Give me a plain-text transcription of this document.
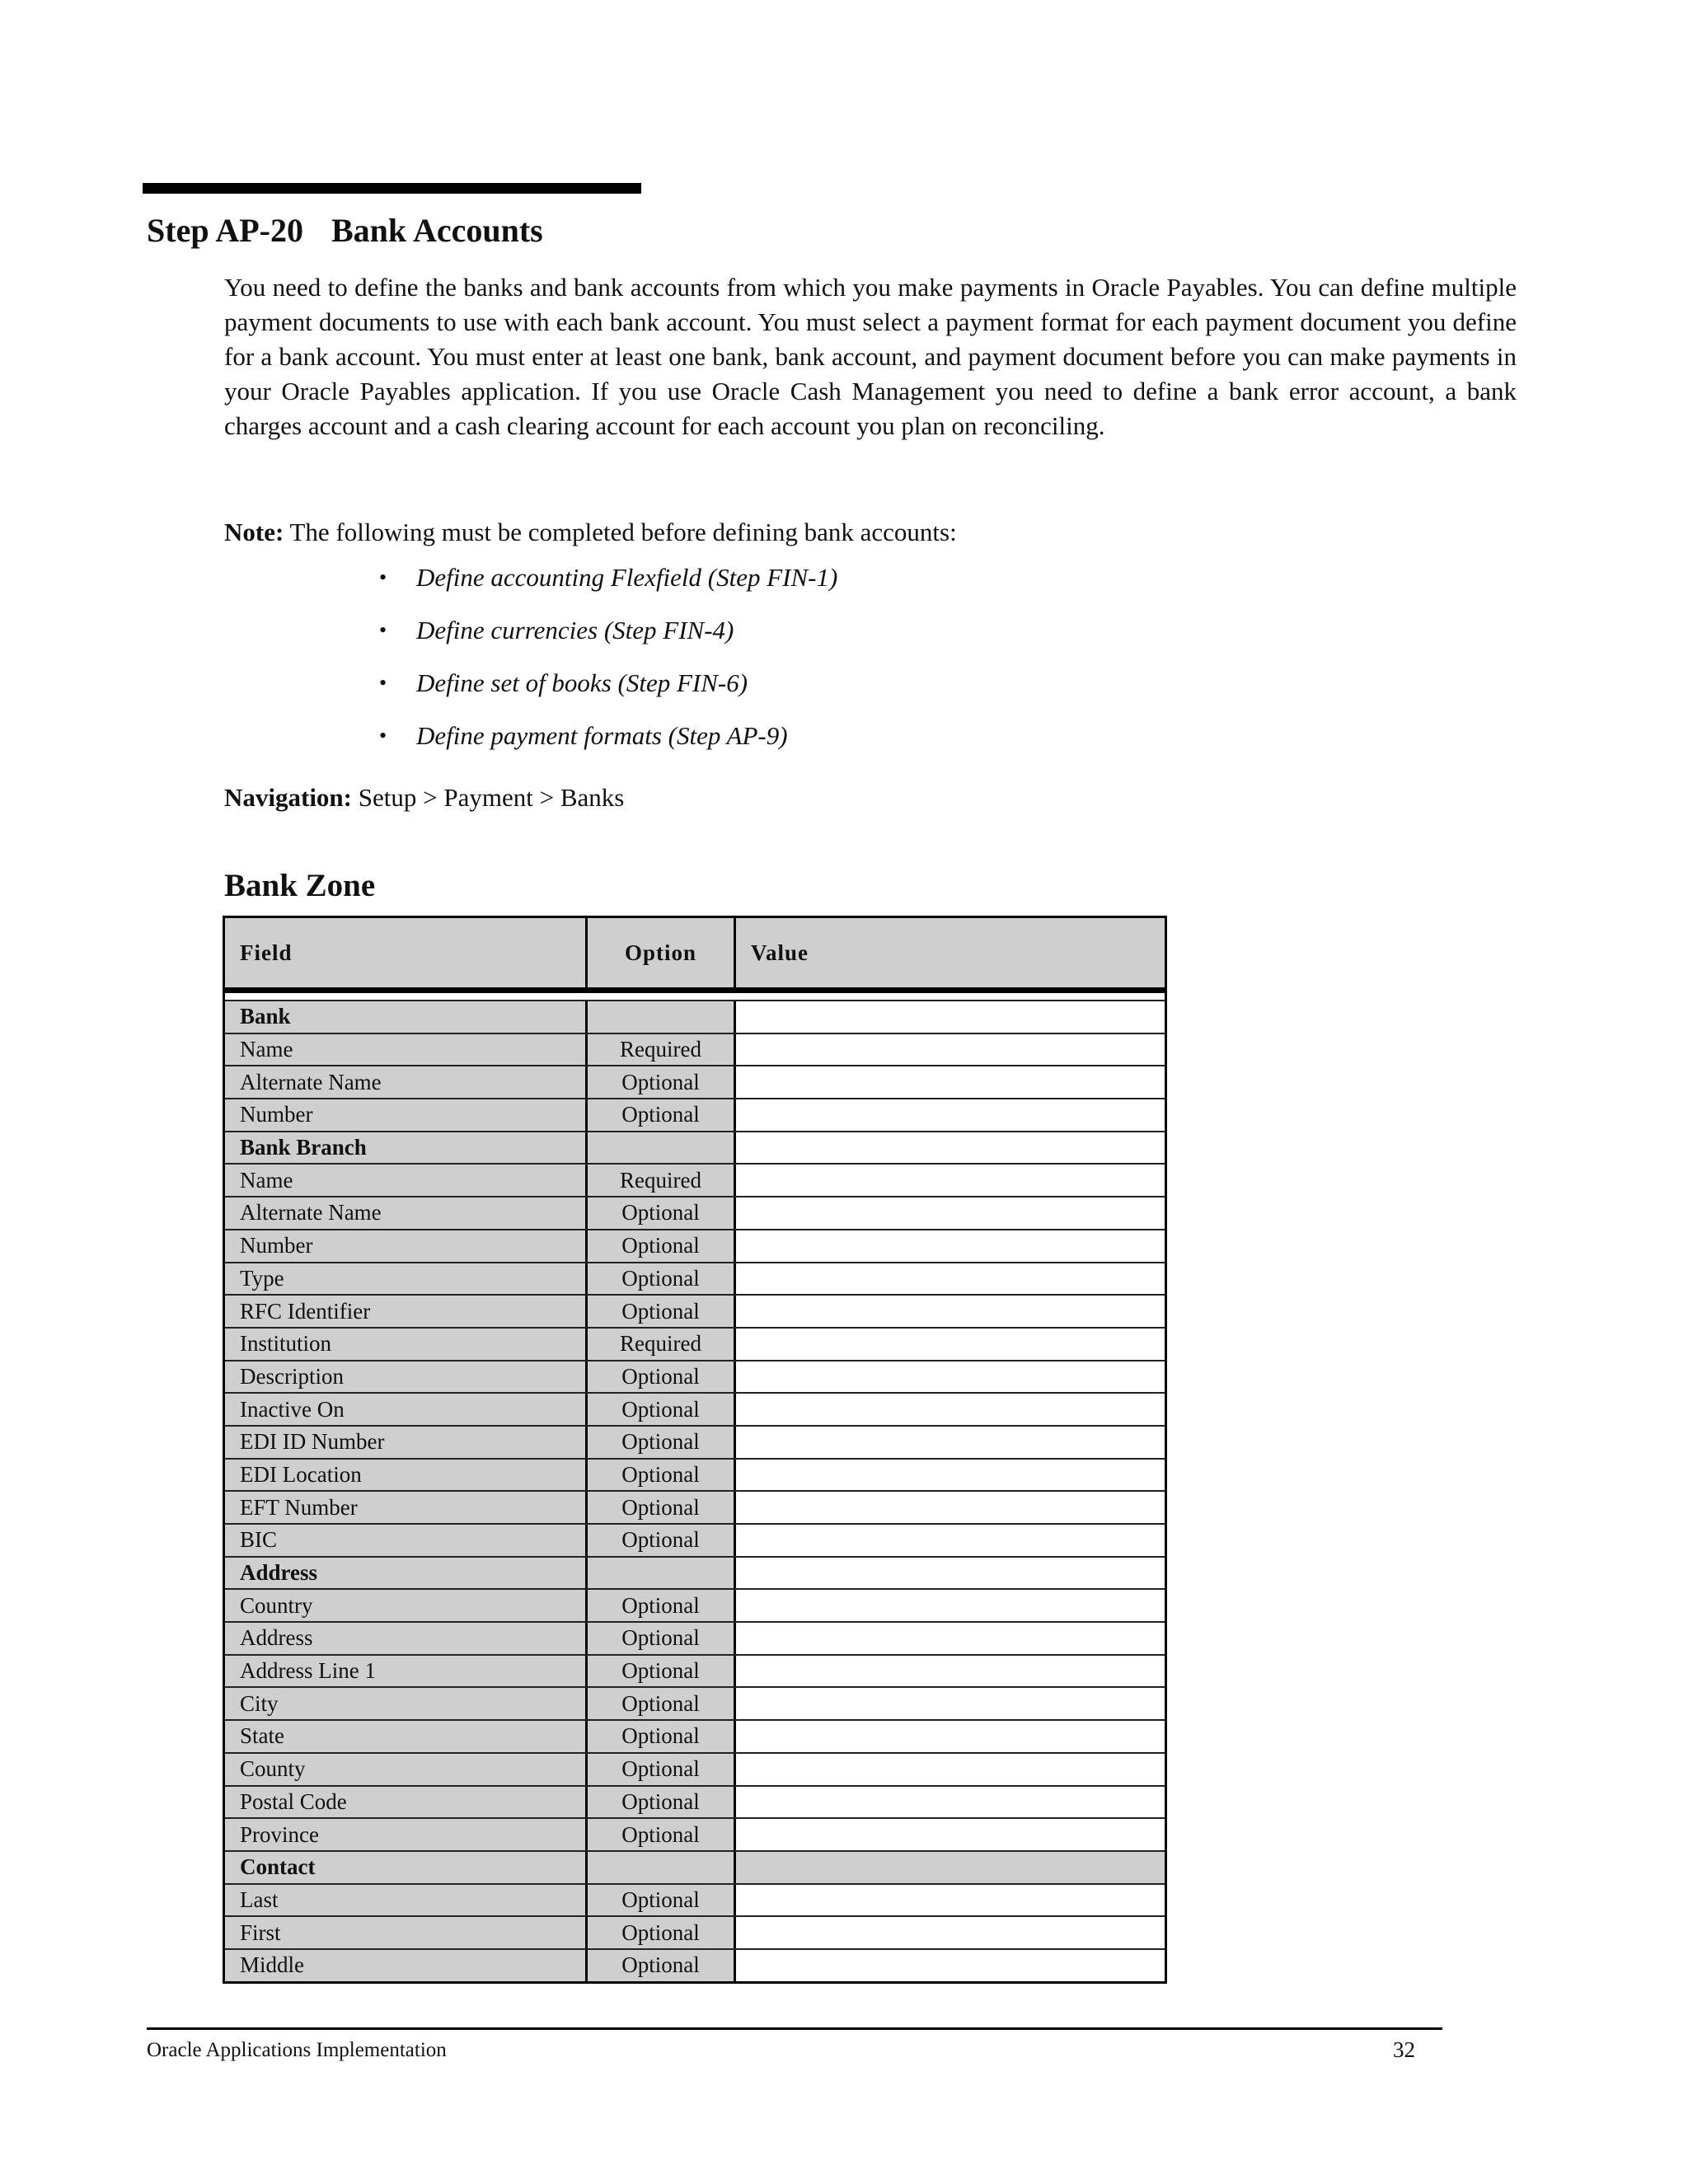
Step AP-20 Bank Accounts

You need to define the banks and bank accounts from which you make payments in Oracle Payables. You can define multiple payment documents to use with each bank account. You must select a payment format for each payment document you define for a bank account. You must enter at least one bank, bank account, and payment document before you can make payments in your Oracle Payables application. If you use Oracle Cash Management you need to define a bank error account, a bank charges account and a cash clearing account for each account you plan on reconciling.

Note: The following must be completed before defining bank accounts:

• Define accounting Flexfield (Step FIN-1)
• Define currencies (Step FIN-4)
• Define set of books (Step FIN-6)
• Define payment formats (Step AP-9)

Navigation: Setup > Payment > Banks

Bank Zone
Field	Option	Value
Bank
Name	Required
Alternate Name	Optional
Number	Optional
Bank Branch
Name	Required
Alternate Name	Optional
Number	Optional
Type	Optional
RFC Identifier	Optional
Institution	Required
Description	Optional
Inactive On	Optional
EDI ID Number	Optional
EDI Location	Optional
EFT Number	Optional
BIC	Optional
Address
Country	Optional
Address	Optional
Address Line 1	Optional
City	Optional
State	Optional
County	Optional
Postal Code	Optional
Province	Optional
Contact
Last	Optional
First	Optional
Middle	Optional

Oracle Applications Implementation	32
